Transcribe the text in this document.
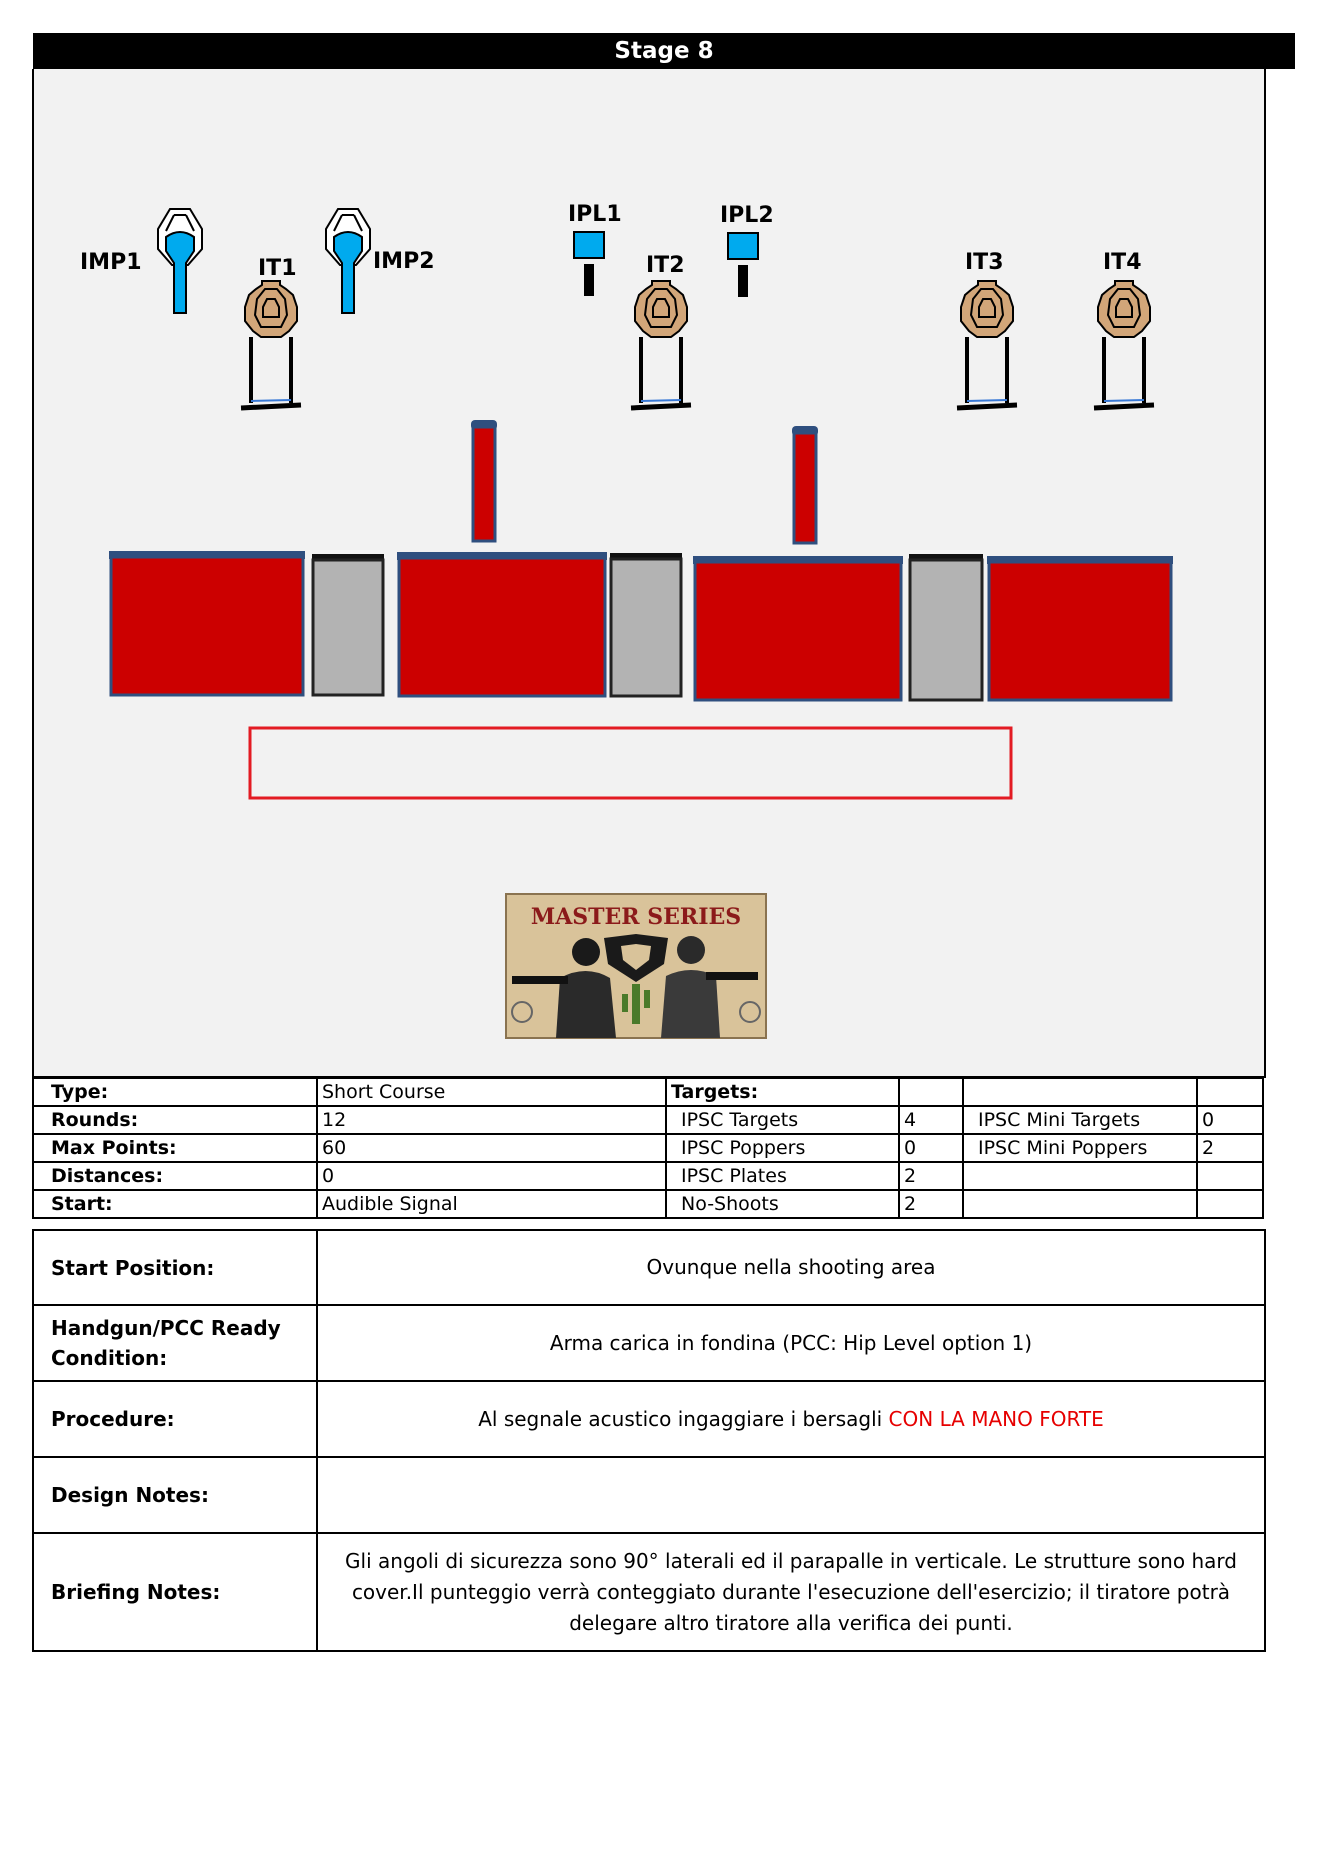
Stage 8
IMP1	IMP2
IT1
IPL1	IPL2
IT2	IT3	IT4
MASTER SERIES
Type:	Short Course	Targets:			
Rounds:	12	IPSC Targets	4	IPSC Mini Targets	0
Max Points:	60	IPSC Poppers	0	IPSC Mini Poppers	2
Distances:	0	IPSC Plates	2		
Start:	Audible Signal	No-Shoots	2		
Start Position:	Ovunque nella shooting area
Handgun/PCC Ready
Condition:	Arma carica in fondina (PCC: Hip Level option 1)
Procedure:	Al segnale acustico ingaggiare i bersagli CON LA MANO FORTE
Design Notes:	
Briefing Notes:	Gli angoli di sicurezza sono 90° laterali ed il parapalle in verticale. Le strutture sono hard
cover.Il punteggio verrà conteggiato durante l'esecuzione dell'esercizio; il tiratore potrà
delegare altro tiratore alla verifica dei punti.
